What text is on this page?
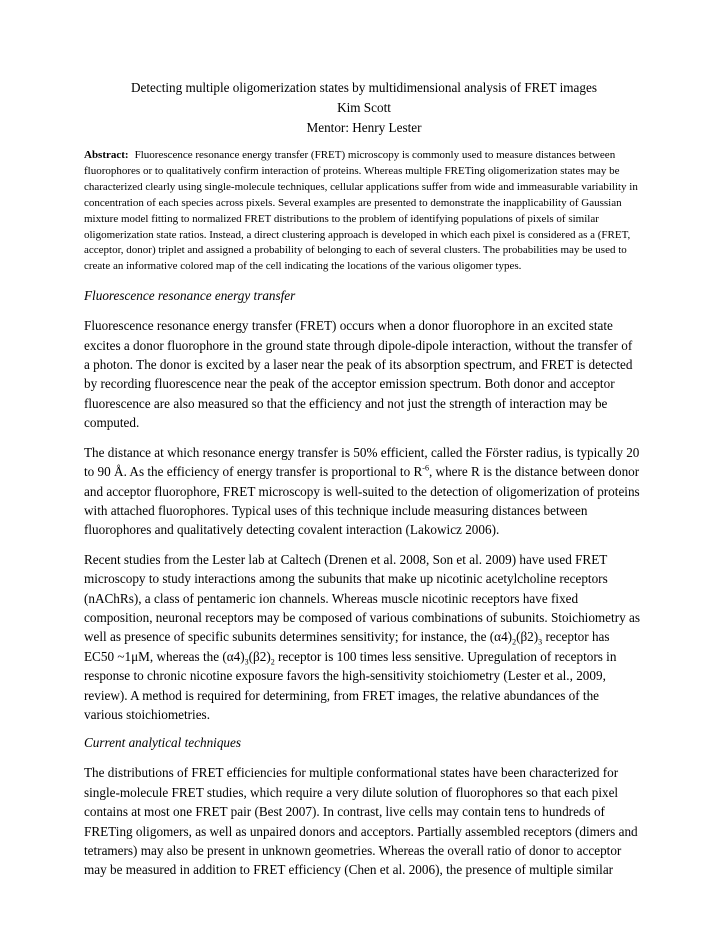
Detecting multiple oligomerization states by multidimensional analysis of FRET images
Kim Scott
Mentor: Henry Lester

Abstract: Fluorescence resonance energy transfer (FRET) microscopy is commonly used to measure distances between fluorophores or to qualitatively confirm interaction of proteins. Whereas multiple FRETing oligomerization states may be characterized clearly using single-molecule techniques, cellular applications suffer from wide and immeasurable variability in concentration of each species across pixels. Several examples are presented to demonstrate the inapplicability of Gaussian mixture model fitting to normalized FRET distributions to the problem of identifying populations of pixels of similar oligomerization state ratios. Instead, a direct clustering approach is developed in which each pixel is considered as a (FRET, acceptor, donor) triplet and assigned a probability of belonging to each of several clusters. The probabilities may be used to create an informative colored map of the cell indicating the locations of the various oligomer types.

Fluorescence resonance energy transfer

Fluorescence resonance energy transfer (FRET) occurs when a donor fluorophore in an excited state excites a donor fluorophore in the ground state through dipole-dipole interaction, without the transfer of a photon. The donor is excited by a laser near the peak of its absorption spectrum, and FRET is detected by recording fluorescence near the peak of the acceptor emission spectrum. Both donor and acceptor fluorescence are also measured so that the efficiency and not just the strength of interaction may be computed.

The distance at which resonance energy transfer is 50% efficient, called the Förster radius, is typically 20 to 90 Å. As the efficiency of energy transfer is proportional to $R^{-6}$, where R is the distance between donor and acceptor fluorophore, FRET microscopy is well-suited to the detection of oligomerization of proteins with attached fluorophores. Typical uses of this technique include measuring distances between fluorophores and qualitatively detecting covalent interaction (Lakowicz 2006).

Recent studies from the Lester lab at Caltech (Drenen et al. 2008, Son et al. 2009) have used FRET microscopy to study interactions among the subunits that make up nicotinic acetylcholine receptors (nAChRs), a class of pentameric ion channels. Whereas muscle nicotinic receptors have fixed composition, neuronal receptors may be composed of various combinations of subunits. Stoichiometry as well as presence of specific subunits determines sensitivity; for instance, the $(\alpha 4)_2(\beta 2)_3$ receptor has EC50 ~1μM, whereas the $(\alpha 4)_3(\beta 2)_2$ receptor is 100 times less sensitive. Upregulation of receptors in response to chronic nicotine exposure favors the high-sensitivity stoichiometry (Lester et al., 2009, review). A method is required for determining, from FRET images, the relative abundances of the various stoichiometries.

Current analytical techniques

The distributions of FRET efficiencies for multiple conformational states have been characterized for single-molecule FRET studies, which require a very dilute solution of fluorophores so that each pixel contains at most one FRET pair (Best 2007). In contrast, live cells may contain tens to hundreds of FRETing oligomers, as well as unpaired donors and acceptors. Partially assembled receptors (dimers and tetramers) may also be present in unknown geometries. Whereas the overall ratio of donor to acceptor may be measured in addition to FRET efficiency (Chen et al. 2006), the presence of multiple similar
